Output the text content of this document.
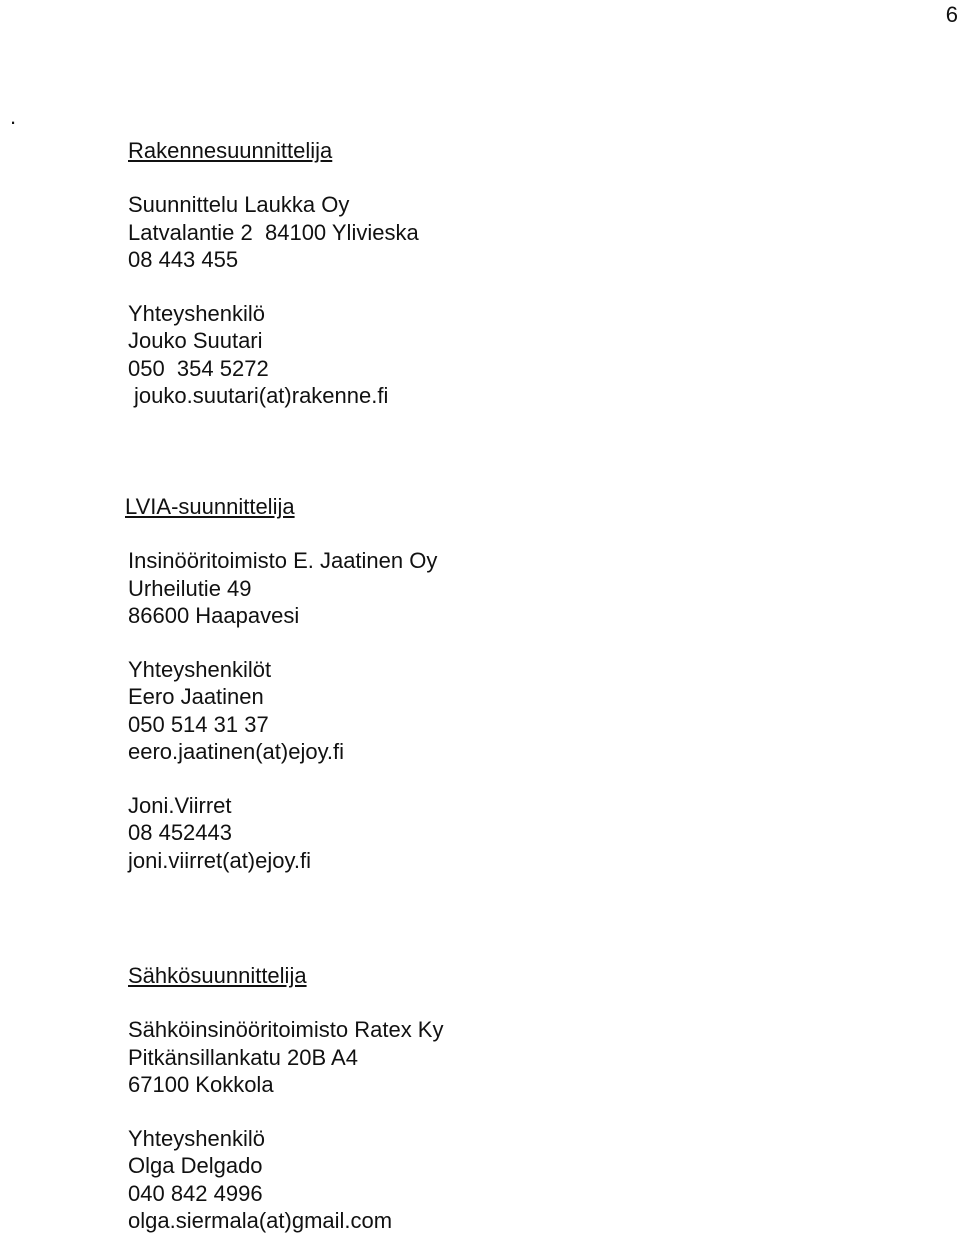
6
.
Rakennesuunnittelija
Suunnittelu Laukka Oy
Latvalantie 2  84100 Ylivieska
08 443 455
Yhteyshenkilö
Jouko Suutari
050  354 5272
jouko.suutari(at)rakenne.fi
LVIA-suunnittelija
Insinööritoimisto E. Jaatinen Oy
Urheilutie 49
86600 Haapavesi
Yhteyshenkilöt
Eero Jaatinen
050 514 31 37
eero.jaatinen(at)ejoy.fi
Joni.Viirret
08 452443
joni.viirret(at)ejoy.fi
Sähkösuunnittelija
Sähköinsinööritoimisto Ratex Ky
Pitkänsillankatu 20B A4
67100 Kokkola
Yhteyshenkilö
Olga Delgado
040 842 4996
olga.siermala(at)gmail.com
